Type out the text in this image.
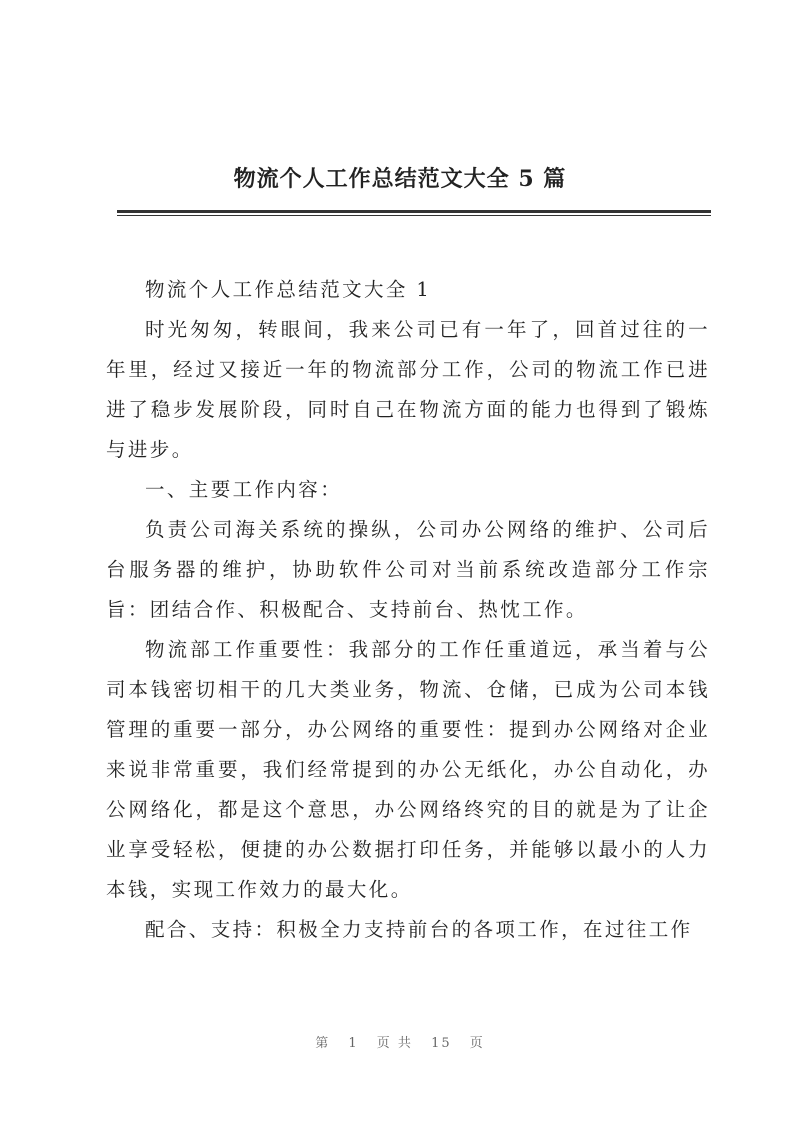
物流个人工作总结范文大全 5 篇

物流个人工作总结范文大全 1

时光匆匆，转眼间，我来公司已有一年了，回首过往的一年里，经过又接近一年的物流部分工作，公司的物流工作已进进了稳步发展阶段，同时自己在物流方面的能力也得到了锻炼与进步。

一、主要工作内容：

负责公司海关系统的操纵，公司办公网络的维护、公司后台服务器的维护，协助软件公司对当前系统改造部分工作宗旨：团结合作、积极配合、支持前台、热忱工作。

物流部工作重要性：我部分的工作任重道远，承当着与公司本钱密切相干的几大类业务，物流、仓储，已成为公司本钱管理的重要一部分，办公网络的重要性：提到办公网络对企业来说非常重要，我们经常提到的办公无纸化，办公自动化，办公网络化，都是这个意思，办公网络终究的目的就是为了让企业享受轻松，便捷的办公数据打印任务，并能够以最小的人力本钱，实现工作效力的最大化。

配合、支持：积极全力支持前台的各项工作，在过往工作

第 1 页 共 15 页
